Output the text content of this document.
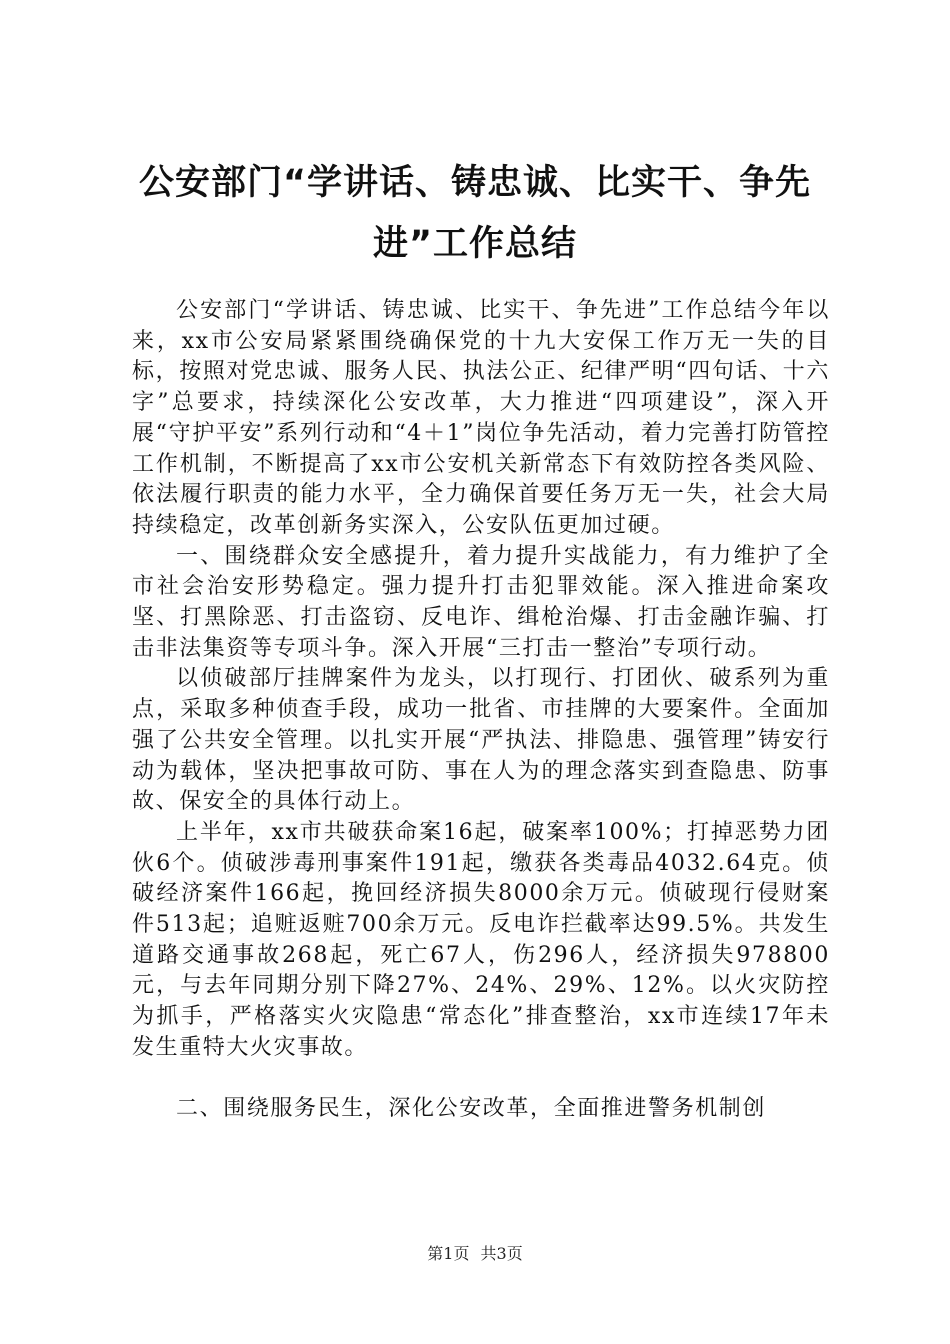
公安部门“学讲话、铸忠诚、比实干、争先
进”工作总结

公安部门“学讲话、铸忠诚、比实干、争先进”工作总结今年以来，xx市公安局紧紧围绕确保党的十九大安保工作万无一失的目标，按照对党忠诚、服务人民、执法公正、纪律严明“四句话、十六字”总要求，持续深化公安改革，大力推进“四项建设”，深入开展“守护平安”系列行动和“4＋1”岗位争先活动，着力完善打防管控工作机制，不断提高了xx市公安机关新常态下有效防控各类风险、依法履行职责的能力水平，全力确保首要任务万无一失，社会大局持续稳定，改革创新务实深入，公安队伍更加过硬。

一、围绕群众安全感提升，着力提升实战能力，有力维护了全市社会治安形势稳定。强力提升打击犯罪效能。深入推进命案攻坚、打黑除恶、打击盗窃、反电诈、缉枪治爆、打击金融诈骗、打击非法集资等专项斗争。深入开展“三打击一整治”专项行动。

以侦破部厅挂牌案件为龙头，以打现行、打团伙、破系列为重点，采取多种侦查手段，成功一批省、市挂牌的大要案件。全面加强了公共安全管理。以扎实开展“严执法、排隐患、强管理”铸安行动为载体，坚决把事故可防、事在人为的理念落实到查隐患、防事故、保安全的具体行动上。

上半年，xx市共破获命案16起，破案率100%；打掉恶势力团伙6个。侦破涉毒刑事案件191起，缴获各类毒品4032.64克。侦破经济案件166起，挽回经济损失8000余万元。侦破现行侵财案件513起；追赃返赃700余万元。反电诈拦截率达99.5%。共发生道路交通事故268起，死亡67人，伤296人，经济损失978800元，与去年同期分别下降27%、24%、29%、12%。以火灾防控为抓手，严格落实火灾隐患“常态化”排查整治，xx市连续17年未发生重特大火灾事故。

二、围绕服务民生，深化公安改革，全面推进警务机制创

第1页 共3页
